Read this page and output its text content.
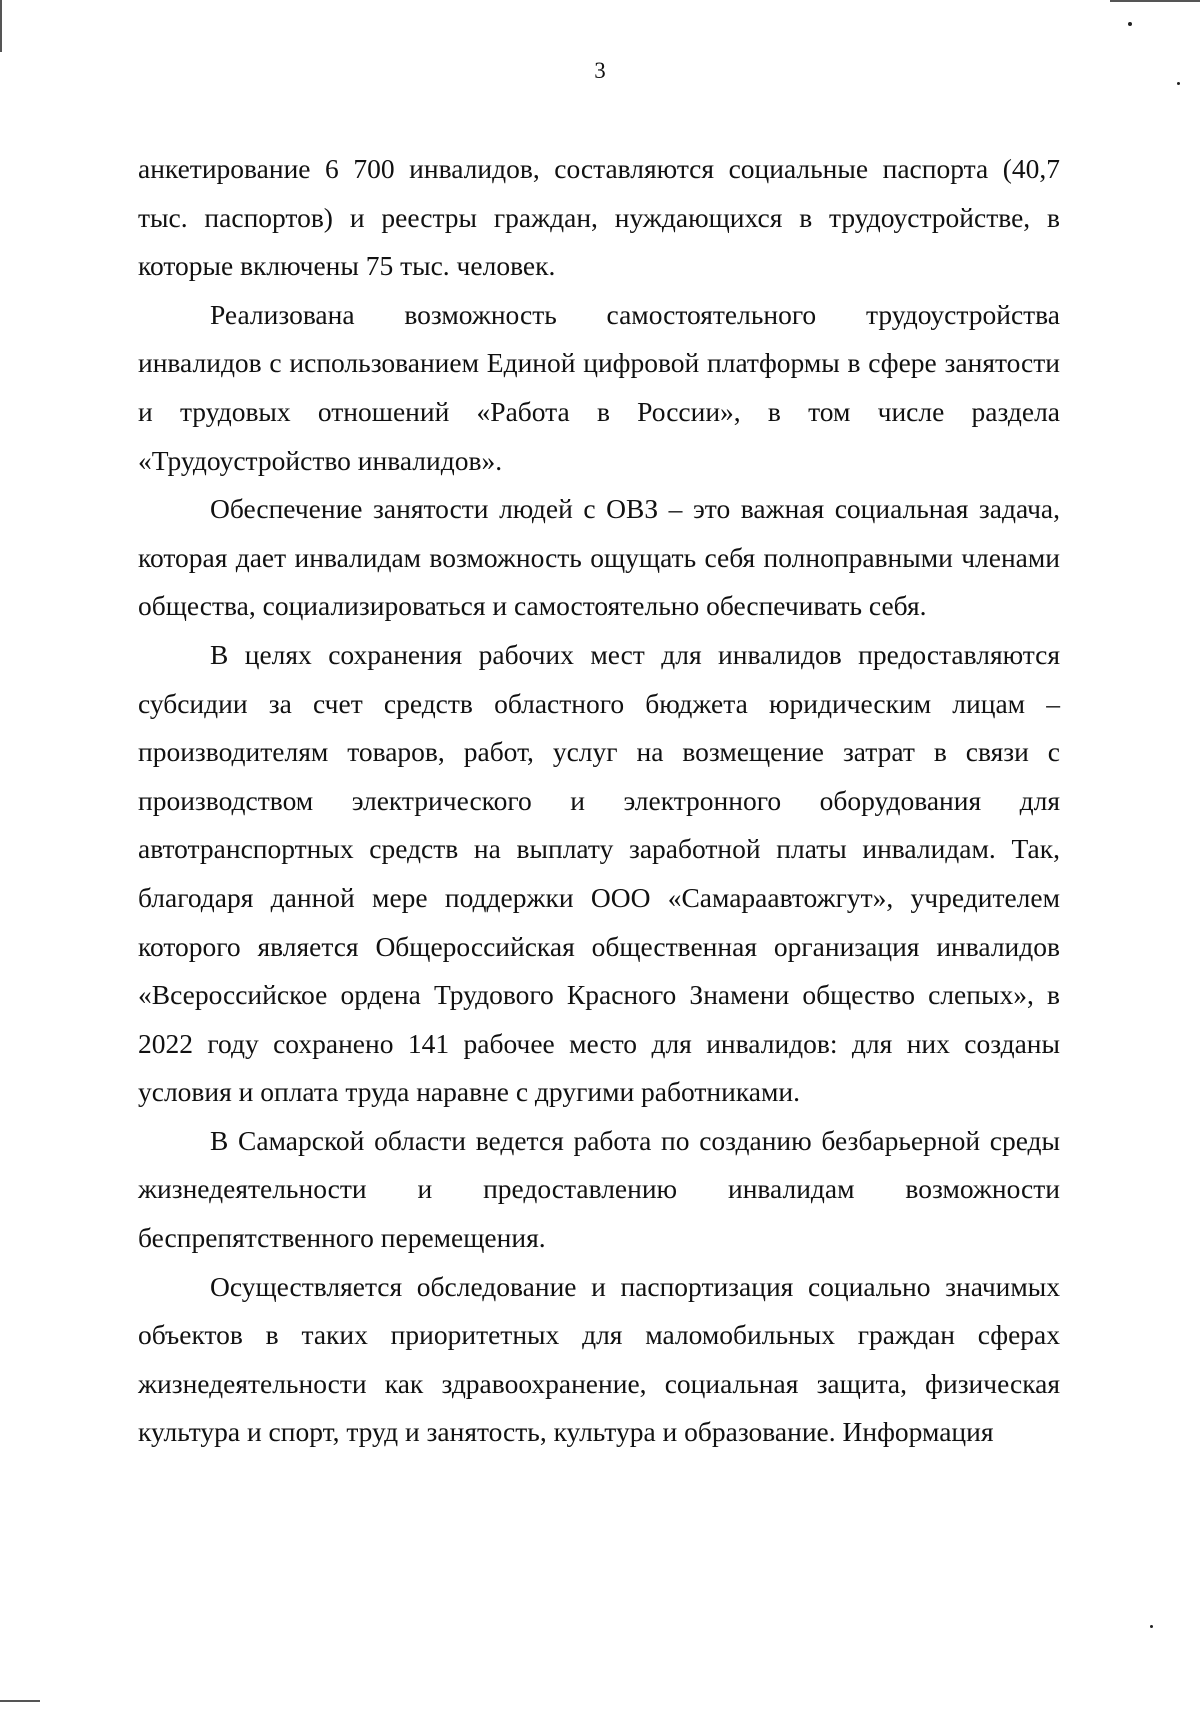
3

анкетирование 6 700 инвалидов, составляются социальные паспорта (40,7 тыс. паспортов) и реестры граждан, нуждающихся в трудоустройстве, в которые включены 75 тыс. человек.

Реализована возможность самостоятельного трудоустройства инвалидов с использованием Единой цифровой платформы в сфере занятости и трудовых отношений «Работа в России», в том числе раздела «Трудоустройство инвалидов».

Обеспечение занятости людей с ОВЗ – это важная социальная задача, которая дает инвалидам возможность ощущать себя полноправными членами общества, социализироваться и самостоятельно обеспечивать себя.

В целях сохранения рабочих мест для инвалидов предоставляются субсидии за счет средств областного бюджета юридическим лицам – производителям товаров, работ, услуг на возмещение затрат в связи с производством электрического и электронного оборудования для автотранспортных средств на выплату заработной платы инвалидам. Так, благодаря данной мере поддержки ООО «Самараавтожгут», учредителем которого является Общероссийская общественная организация инвалидов «Всероссийское ордена Трудового Красного Знамени общество слепых», в 2022 году сохранено 141 рабочее место для инвалидов: для них созданы условия и оплата труда наравне с другими работниками.

В Самарской области ведется работа по созданию безбарьерной среды жизнедеятельности и предоставлению инвалидам возможности беспрепятственного перемещения.

Осуществляется обследование и паспортизация социально значимых объектов в таких приоритетных для маломобильных граждан сферах жизнедеятельности как здравоохранение, социальная защита, физическая культура и спорт, труд и занятость, культура и образование. Информация
